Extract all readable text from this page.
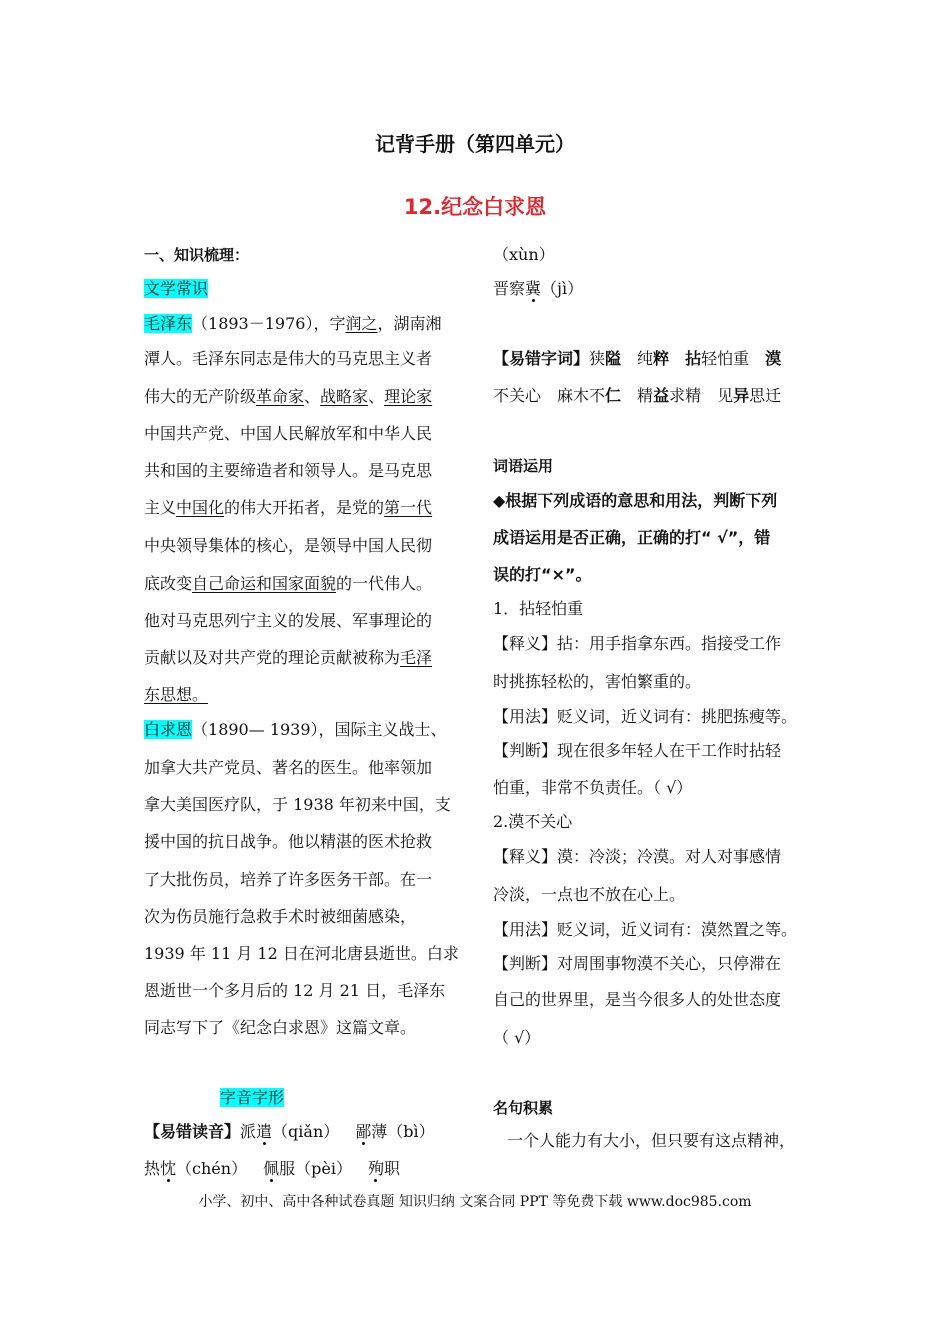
记背手册（第四单元）
12.纪念白求恩
一、知识梳理：
文学常识
毛泽东（1893－1976），字润之，湖南湘
潭人。毛泽东同志是伟大的马克思主义者
伟大的无产阶级革命家、战略家、理论家
中国共产党、中国人民解放军和中华人民
共和国的主要缔造者和领导人。是马克思
主义中国化的伟大开拓者，是党的第一代
中央领导集体的核心，是领导中国人民彻
底改变自己命运和国家面貌的一代伟人。
他对马克思列宁主义的发展、军事理论的
贡献以及对共产党的理论贡献被称为毛泽
东思想。
白求恩（1890— 1939），国际主义战士、
加拿大共产党员、著名的医生。他率领加
拿大美国医疗队，于 1938 年初来中国，支
援中国的抗日战争。他以精湛的医术抢救
了大批伤员，培养了许多医务干部。在一
次为伤员施行急救手术时被细菌感染，
1939 年 11 月 12 日在河北唐县逝世。白求
恩逝世一个多月后的 12 月 21 日，毛泽东
同志写下了《纪念白求恩》这篇文章。
字音字形
【易错读音】派遣（qiǎn） 鄙薄（bì）
热忱（chén） 佩服（pèi） 殉职
（xùn）
晋察冀（jì）
【易错字词】狭隘 纯粹 拈轻怕重 漠
不关心 麻木不仁 精益求精 见异思迁
词语运用
◆根据下列成语的意思和用法，判断下列
成语运用是否正确，正确的打“ √”，错
误的打“×”。
1．拈轻怕重
【释义】拈：用手指拿东西。指接受工作
时挑拣轻松的，害怕繁重的。
【用法】贬义词，近义词有：挑肥拣瘦等。
【判断】现在很多年轻人在干工作时拈轻
怕重，非常不负责任。（ √）
2.漠不关心
【释义】漠：冷淡；冷漠。对人对事感情
冷淡，一点也不放在心上。
【用法】贬义词，近义词有：漠然置之等。
【判断】对周围事物漠不关心，只停滞在
自己的世界里，是当今很多人的处世态度
（ √）
名句积累
一个人能力有大小，但只要有这点精神，
小学、初中、高中各种试卷真题 知识归纳 文案合同 PPT 等免费下载 www.doc985.com
